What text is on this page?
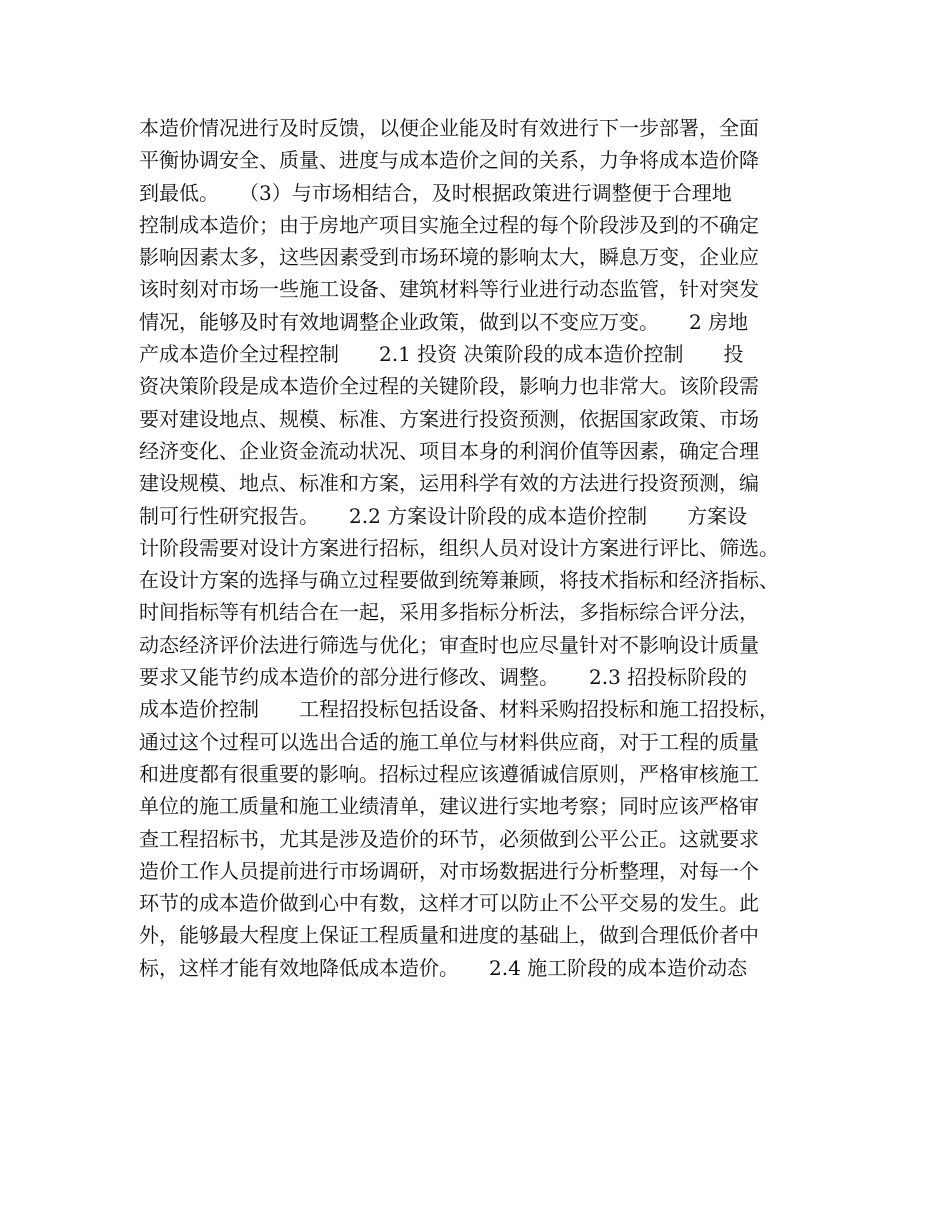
本造价情况进行及时反馈，以便企业能及时有效进行下一步部署，全面
平衡协调安全、质量、进度与成本造价之间的关系，力争将成本造价降
到最低。　　（3）与市场相结合，及时根据政策进行调整便于合理地
控制成本造价；由于房地产项目实施全过程的每个阶段涉及到的不确定
影响因素太多，这些因素受到市场环境的影响太大，瞬息万变，企业应
该时刻对市场一些施工设备、建筑材料等行业进行动态监管，针对突发
情况，能够及时有效地调整企业政策，做到以不变应万变。　　2 房地
产成本造价全过程控制　　2.1 投资 决策阶段的成本造价控制　　投
资决策阶段是成本造价全过程的关键阶段，影响力也非常大。该阶段需
要对建设地点、规模、标准、方案进行投资预测，依据国家政策、市场
经济变化、企业资金流动状况、项目本身的利润价值等因素，确定合理
建设规模、地点、标准和方案，运用科学有效的方法进行投资预测，编
制可行性研究报告。　　2.2 方案设计阶段的成本造价控制　　方案设
计阶段需要对设计方案进行招标，组织人员对设计方案进行评比、筛选。
在设计方案的选择与确立过程要做到统筹兼顾，将技术指标和经济指标、
时间指标等有机结合在一起，采用多指标分析法，多指标综合评分法，
动态经济评价法进行筛选与优化；审查时也应尽量针对不影响设计质量
要求又能节约成本造价的部分进行修改、调整。　　2.3 招投标阶段的
成本造价控制　　工程招投标包括设备、材料采购招投标和施工招投标，
通过这个过程可以选出合适的施工单位与材料供应商，对于工程的质量
和进度都有很重要的影响。招标过程应该遵循诚信原则，严格审核施工
单位的施工质量和施工业绩清单，建议进行实地考察；同时应该严格审
查工程招标书，尤其是涉及造价的环节，必须做到公平公正。这就要求
造价工作人员提前进行市场调研，对市场数据进行分析整理，对每一个
环节的成本造价做到心中有数，这样才可以防止不公平交易的发生。此
外，能够最大程度上保证工程质量和进度的基础上，做到合理低价者中
标，这样才能有效地降低成本造价。　　2.4 施工阶段的成本造价动态
